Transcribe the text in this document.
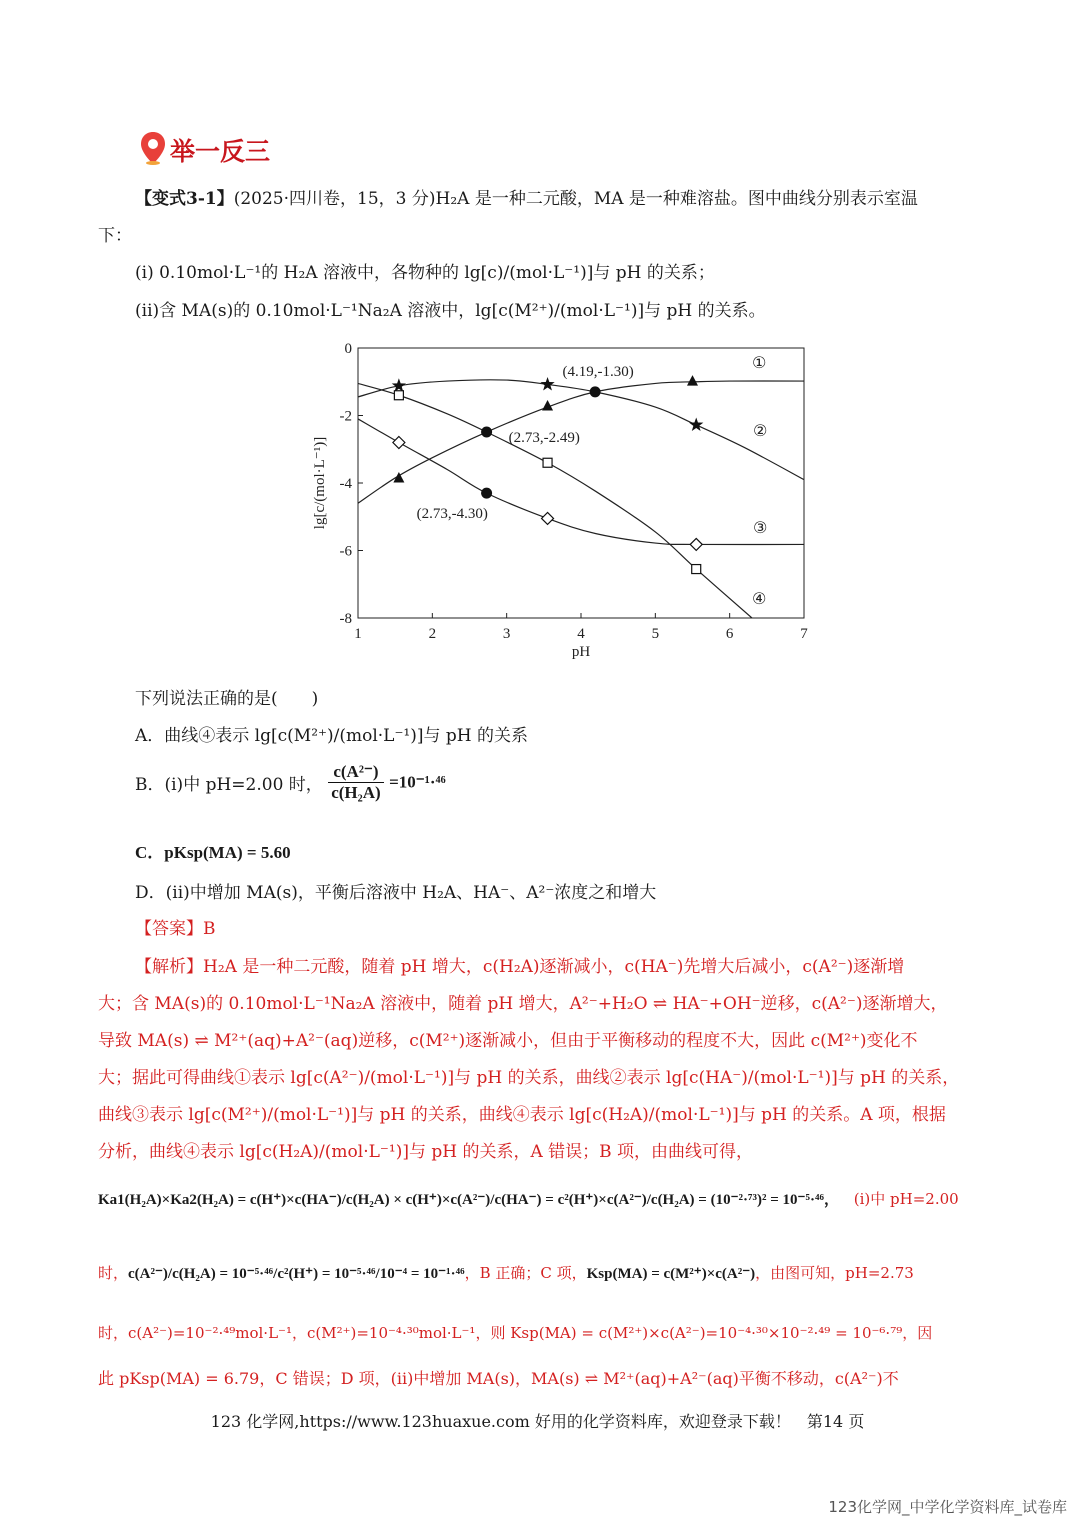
举一反三
【变式3-1】(2025·四川卷，15，3 分)H₂A 是一种二元酸，MA 是一种难溶盐。图中曲线分别表示室温
下：
(i) 0.10mol·L⁻¹的 H₂A 溶液中，各物种的 lg[c)/(mol·L⁻¹)]与 pH 的关系；
(ii)含 MA(s)的 0.10mol·L⁻¹Na₂A 溶液中，lg[c(M²⁺)/(mol·L⁻¹)]与 pH 的关系。
1	2	3	4	5	6	7
0
-2
-4
-6
-8
pH
lg[c/(mol·L⁻¹)]
(4.19,-1.30)
(2.73,-2.49)
(2.73,-4.30)
①
②
③
④
下列说法正确的是(　　)
A．曲线④表示 lg[c(M²⁺)/(mol·L⁻¹)]与 pH 的关系
B．(i)中 pH=2.00 时， $\frac{\text{c(A²⁻)}}{\text{c(H₂A)}} =10^{-1}\cdot^{46}$
C．pKsp(MA) = 5.60
D．(ii)中增加 MA(s)，平衡后溶液中 H₂A、HA⁻、A²⁻浓度之和增大
【答案】B
【解析】H₂A 是一种二元酸，随着 pH 增大，c(H₂A)逐渐减小，c(HA⁻)先增大后减小，c(A²⁻)逐渐增
大；含 MA(s)的 0.10mol·L⁻¹Na₂A 溶液中，随着 pH 增大，A²⁻+H₂O ⇌ HA⁻+OH⁻逆移，c(A²⁻)逐渐增大，
导致 MA(s) ⇌ M²⁺(aq)+A²⁻(aq)逆移，c(M²⁺)逐渐减小，但由于平衡移动的程度不大，因此 c(M²⁺)变化不
大；据此可得曲线①表示 lg[c(A²⁻)/(mol·L⁻¹)]与 pH 的关系，曲线②表示 lg[c(HA⁻)/(mol·L⁻¹)]与 pH 的关系，
曲线③表示 lg[c(M²⁺)/(mol·L⁻¹)]与 pH 的关系，曲线④表示 lg[c(H₂A)/(mol·L⁻¹)]与 pH 的关系。A 项，根据
分析，曲线④表示 lg[c(H₂A)/(mol·L⁻¹)]与 pH 的关系，A 错误；B 项，由曲线可得，
Ka1(H₂A)×Ka2(H₂A) = c(H⁺)×c(HA⁻)/c(H₂A) × c(H⁺)×c(A²⁻)/c(HA⁻) = c²(H⁺)×c(A²⁻)/c(H₂A) = (10⁻²·⁷³)² = 10⁻⁵·⁴⁶， (i)中 pH=2.00
时，c(A²⁻)/c(H₂A) = 10⁻⁵·⁴⁶/c²(H⁺) = 10⁻⁵·⁴⁶/10⁻⁴ = 10⁻¹·⁴⁶，B 正确；C 项，Ksp(MA) = c(M²⁺)×c(A²⁻)，由图可知，pH=2.73
时，c(A²⁻)=10⁻²·⁴⁹mol·L⁻¹，c(M²⁺)=10⁻⁴·³⁰mol·L⁻¹，则 Ksp(MA) = c(M²⁺)×c(A²⁻)=10⁻⁴·³⁰×10⁻²·⁴⁹ = 10⁻⁶·⁷⁹，因
此 pKsp(MA) = 6.79，C 错误；D 项，(ii)中增加 MA(s)，MA(s) ⇌ M²⁺(aq)+A²⁻(aq)平衡不移动，c(A²⁻)不
123 化学网,https://www.123huaxue.com 好用的化学资料库，欢迎登录下载！　第14 页
123化学网_中学化学资料库_试卷库
